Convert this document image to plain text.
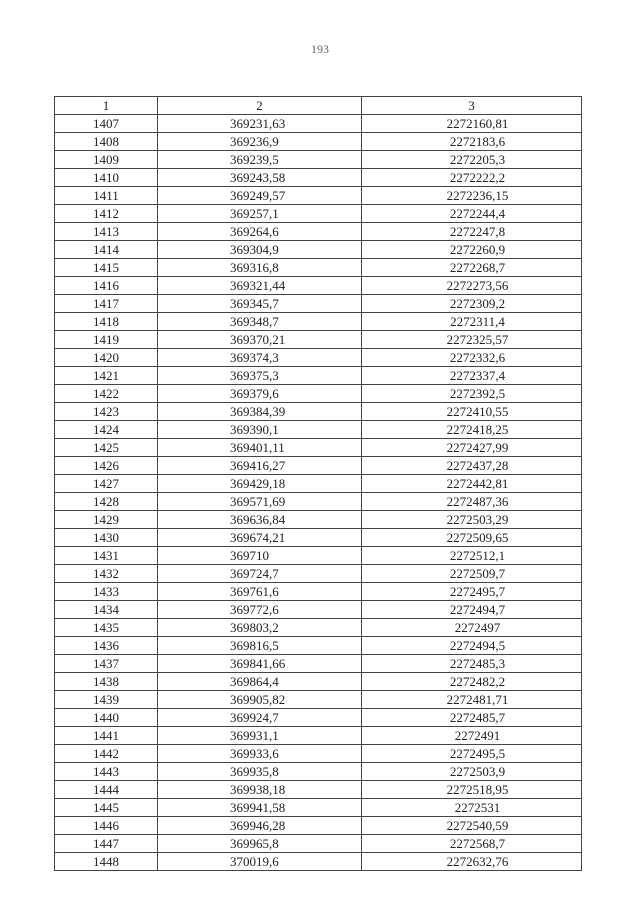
193
1	2	3
1407	369231,63	2272160,81
1408	369236,9	2272183,6
1409	369239,5	2272205,3
1410	369243,58	2272222,2
1411	369249,57	2272236,15
1412	369257,1	2272244,4
1413	369264,6	2272247,8
1414	369304,9	2272260,9
1415	369316,8	2272268,7
1416	369321,44	2272273,56
1417	369345,7	2272309,2
1418	369348,7	2272311,4
1419	369370,21	2272325,57
1420	369374,3	2272332,6
1421	369375,3	2272337,4
1422	369379,6	2272392,5
1423	369384,39	2272410,55
1424	369390,1	2272418,25
1425	369401,11	2272427,99
1426	369416,27	2272437,28
1427	369429,18	2272442,81
1428	369571,69	2272487,36
1429	369636,84	2272503,29
1430	369674,21	2272509,65
1431	369710	2272512,1
1432	369724,7	2272509,7
1433	369761,6	2272495,7
1434	369772,6	2272494,7
1435	369803,2	2272497
1436	369816,5	2272494,5
1437	369841,66	2272485,3
1438	369864,4	2272482,2
1439	369905,82	2272481,71
1440	369924,7	2272485,7
1441	369931,1	2272491
1442	369933,6	2272495,5
1443	369935,8	2272503,9
1444	369938,18	2272518,95
1445	369941,58	2272531
1446	369946,28	2272540,59
1447	369965,8	2272568,7
1448	370019,6	2272632,76
